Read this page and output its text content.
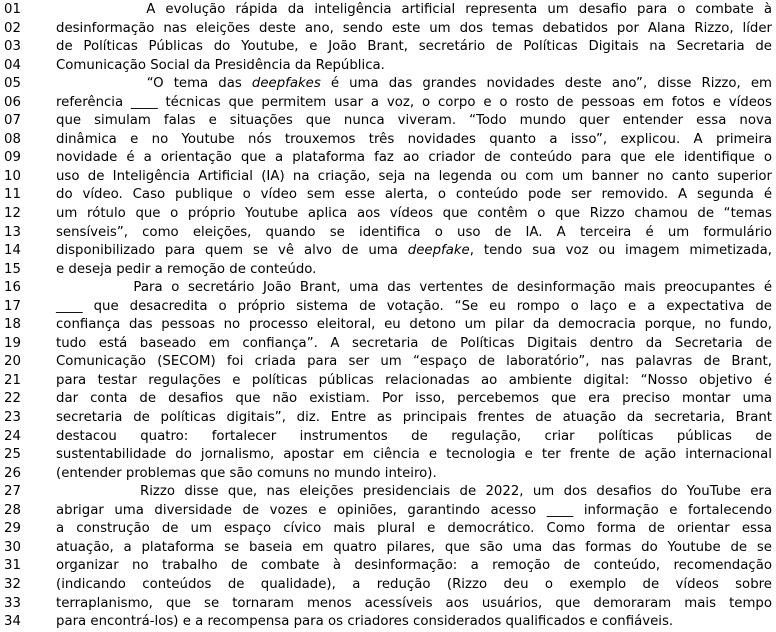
01	A evolução rápida da inteligência artificial representa um desafio para o combate à
02	desinformação nas eleições deste ano, sendo este um dos temas debatidos por Alana Rizzo, líder
03	de Políticas Públicas do Youtube, e João Brant, secretário de Políticas Digitais na Secretaria de
04	Comunicação Social da Presidência da República.
05	“O tema das deepfakes é uma das grandes novidades deste ano”, disse Rizzo, em
06	referência ____ técnicas que permitem usar a voz, o corpo e o rosto de pessoas em fotos e vídeos
07	que simulam falas e situações que nunca viveram. “Todo mundo quer entender essa nova
08	dinâmica e no Youtube nós trouxemos três novidades quanto a isso”, explicou. A primeira
09	novidade é a orientação que a plataforma faz ao criador de conteúdo para que ele identifique o
10	uso de Inteligência Artificial (IA) na criação, seja na legenda ou com um banner no canto superior
11	do vídeo. Caso publique o vídeo sem esse alerta, o conteúdo pode ser removido. A segunda é
12	um rótulo que o próprio Youtube aplica aos vídeos que contêm o que Rizzo chamou de “temas
13	sensíveis”, como eleições, quando se identifica o uso de IA. A terceira é um formulário
14	disponibilizado para quem se vê alvo de uma deepfake, tendo sua voz ou imagem mimetizada,
15	e deseja pedir a remoção de conteúdo.
16	Para o secretário João Brant, uma das vertentes de desinformação mais preocupantes é
17	____ que desacredita o próprio sistema de votação. “Se eu rompo o laço e a expectativa de
18	confiança das pessoas no processo eleitoral, eu detono um pilar da democracia porque, no fundo,
19	tudo está baseado em confiança”. A secretaria de Políticas Digitais dentro da Secretaria de
20	Comunicação (SECOM) foi criada para ser um “espaço de laboratório”, nas palavras de Brant,
21	para testar regulações e políticas públicas relacionadas ao ambiente digital: “Nosso objetivo é
22	dar conta de desafios que não existiam. Por isso, percebemos que era preciso montar uma
23	secretaria de políticas digitais”, diz. Entre as principais frentes de atuação da secretaria, Brant
24	destacou quatro: fortalecer instrumentos de regulação, criar políticas públicas de
25	sustentabilidade do jornalismo, apostar em ciência e tecnologia e ter frente de ação internacional
26	(entender problemas que são comuns no mundo inteiro).
27	Rizzo disse que, nas eleições presidenciais de 2022, um dos desafios do YouTube era
28	abrigar uma diversidade de vozes e opiniões, garantindo acesso ____ informação e fortalecendo
29	a construção de um espaço cívico mais plural e democrático. Como forma de orientar essa
30	atuação, a plataforma se baseia em quatro pilares, que são uma das formas do Youtube de se
31	organizar no trabalho de combate à desinformação: a remoção de conteúdo, recomendação
32	(indicando conteúdos de qualidade), a redução (Rizzo deu o exemplo de vídeos sobre
33	terraplanismo, que se tornaram menos acessíveis aos usuários, que demoraram mais tempo
34	para encontrá-los) e a recompensa para os criadores considerados qualificados e confiáveis.
